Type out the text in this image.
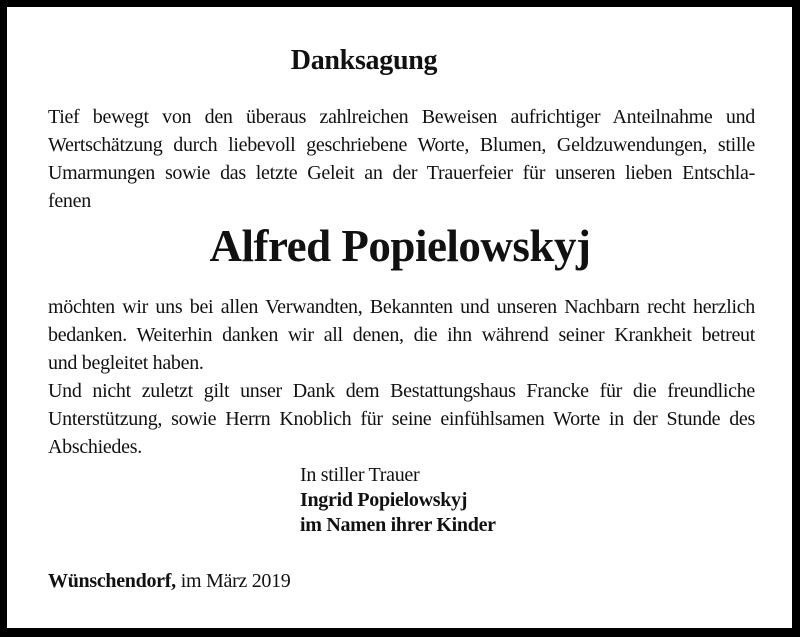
Danksagung
Tief bewegt von den überaus zahlreichen Beweisen aufrichtiger Anteilnahme und
Wertschätzung durch liebevoll geschriebene Worte, Blumen, Geldzuwendungen, stille
Umarmungen sowie das letzte Geleit an der Trauerfeier für unseren lieben Entschla-
fenen
Alfred Popielowskyj
möchten wir uns bei allen Verwandten, Bekannten und unseren Nachbarn recht herzlich
bedanken. Weiterhin danken wir all denen, die ihn während seiner Krankheit betreut
und begleitet haben.
Und nicht zuletzt gilt unser Dank dem Bestattungshaus Francke für die freundliche
Unterstützung, sowie Herrn Knoblich für seine einfühlsamen Worte in der Stunde des
Abschiedes.
In stiller Trauer
Ingrid Popielowskyj
im Namen ihrer Kinder
Wünschendorf, im März 2019
